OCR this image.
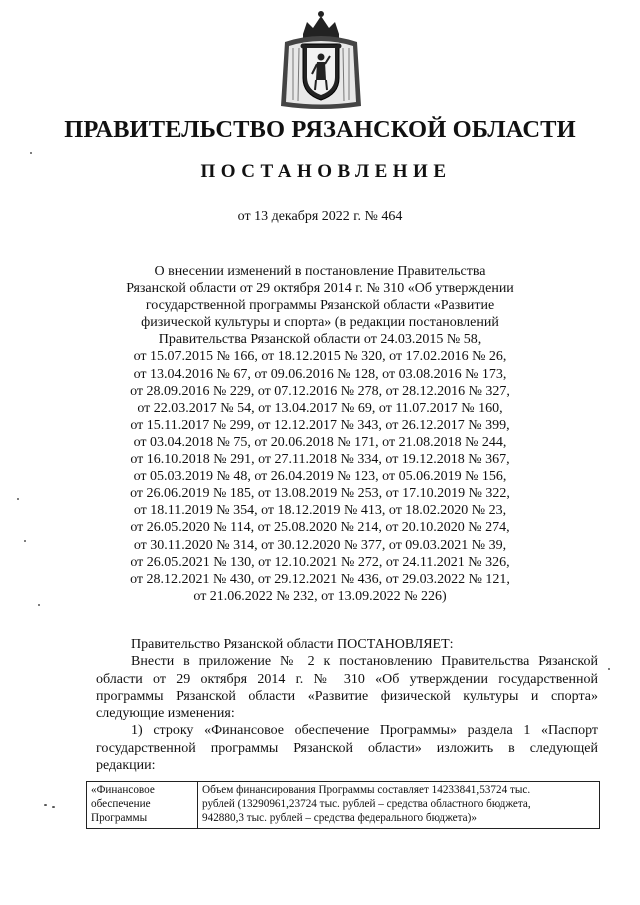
ПРАВИТЕЛЬСТВО РЯЗАНСКОЙ ОБЛАСТИ
ПОСТАНОВЛЕНИЕ
от 13 декабря 2022 г. № 464
О внесении изменений в постановление Правительства
Рязанской области от 29 октября 2014 г. № 310 «Об утверждении
государственной программы Рязанской области «Развитие
физической культуры и спорта» (в редакции постановлений
Правительства Рязанской области от 24.03.2015 № 58,
от 15.07.2015 № 166, от 18.12.2015 № 320, от 17.02.2016 № 26,
от 13.04.2016 № 67, от 09.06.2016 № 128, от 03.08.2016 № 173,
от 28.09.2016 № 229, от 07.12.2016 № 278, от 28.12.2016 № 327,
от 22.03.2017 № 54, от 13.04.2017 № 69, от 11.07.2017 № 160,
от 15.11.2017 № 299, от 12.12.2017 № 343, от 26.12.2017 № 399,
от 03.04.2018 № 75, от 20.06.2018 № 171, от 21.08.2018 № 244,
от 16.10.2018 № 291, от 27.11.2018 № 334, от 19.12.2018 № 367,
от 05.03.2019 № 48, от 26.04.2019 № 123, от 05.06.2019 № 156,
от 26.06.2019 № 185, от 13.08.2019 № 253, от 17.10.2019 № 322,
от 18.11.2019 № 354, от 18.12.2019 № 413, от 18.02.2020 № 23,
от 26.05.2020 № 114, от 25.08.2020 № 214, от 20.10.2020 № 274,
от 30.11.2020 № 314, от 30.12.2020 № 377, от 09.03.2021 № 39,
от 26.05.2021 № 130, от 12.10.2021 № 272, от 24.11.2021 № 326,
от 28.12.2021 № 430, от 29.12.2021 № 436, от 29.03.2022 № 121,
от 21.06.2022 № 232, от 13.09.2022 № 226)
Правительство Рязанской области ПОСТАНОВЛЯЕТ:
Внести в приложение № 2 к постановлению Правительства Рязанской
области от 29 октября 2014 г. № 310 «Об утверждении государственной
программы Рязанской области «Развитие физической культуры и спорта»
следующие изменения:
1) строку «Финансовое обеспечение Программы» раздела 1 «Паспорт
государственной программы Рязанской области» изложить в следующей
редакции:
«Финансовое
обеспечение
Программы

Объем финансирования Программы составляет 14233841,53724 тыс.
рублей (13290961,23724 тыс. рублей – средства областного бюджета,
942880,3 тыс. рублей – средства федерального бюджета)»
